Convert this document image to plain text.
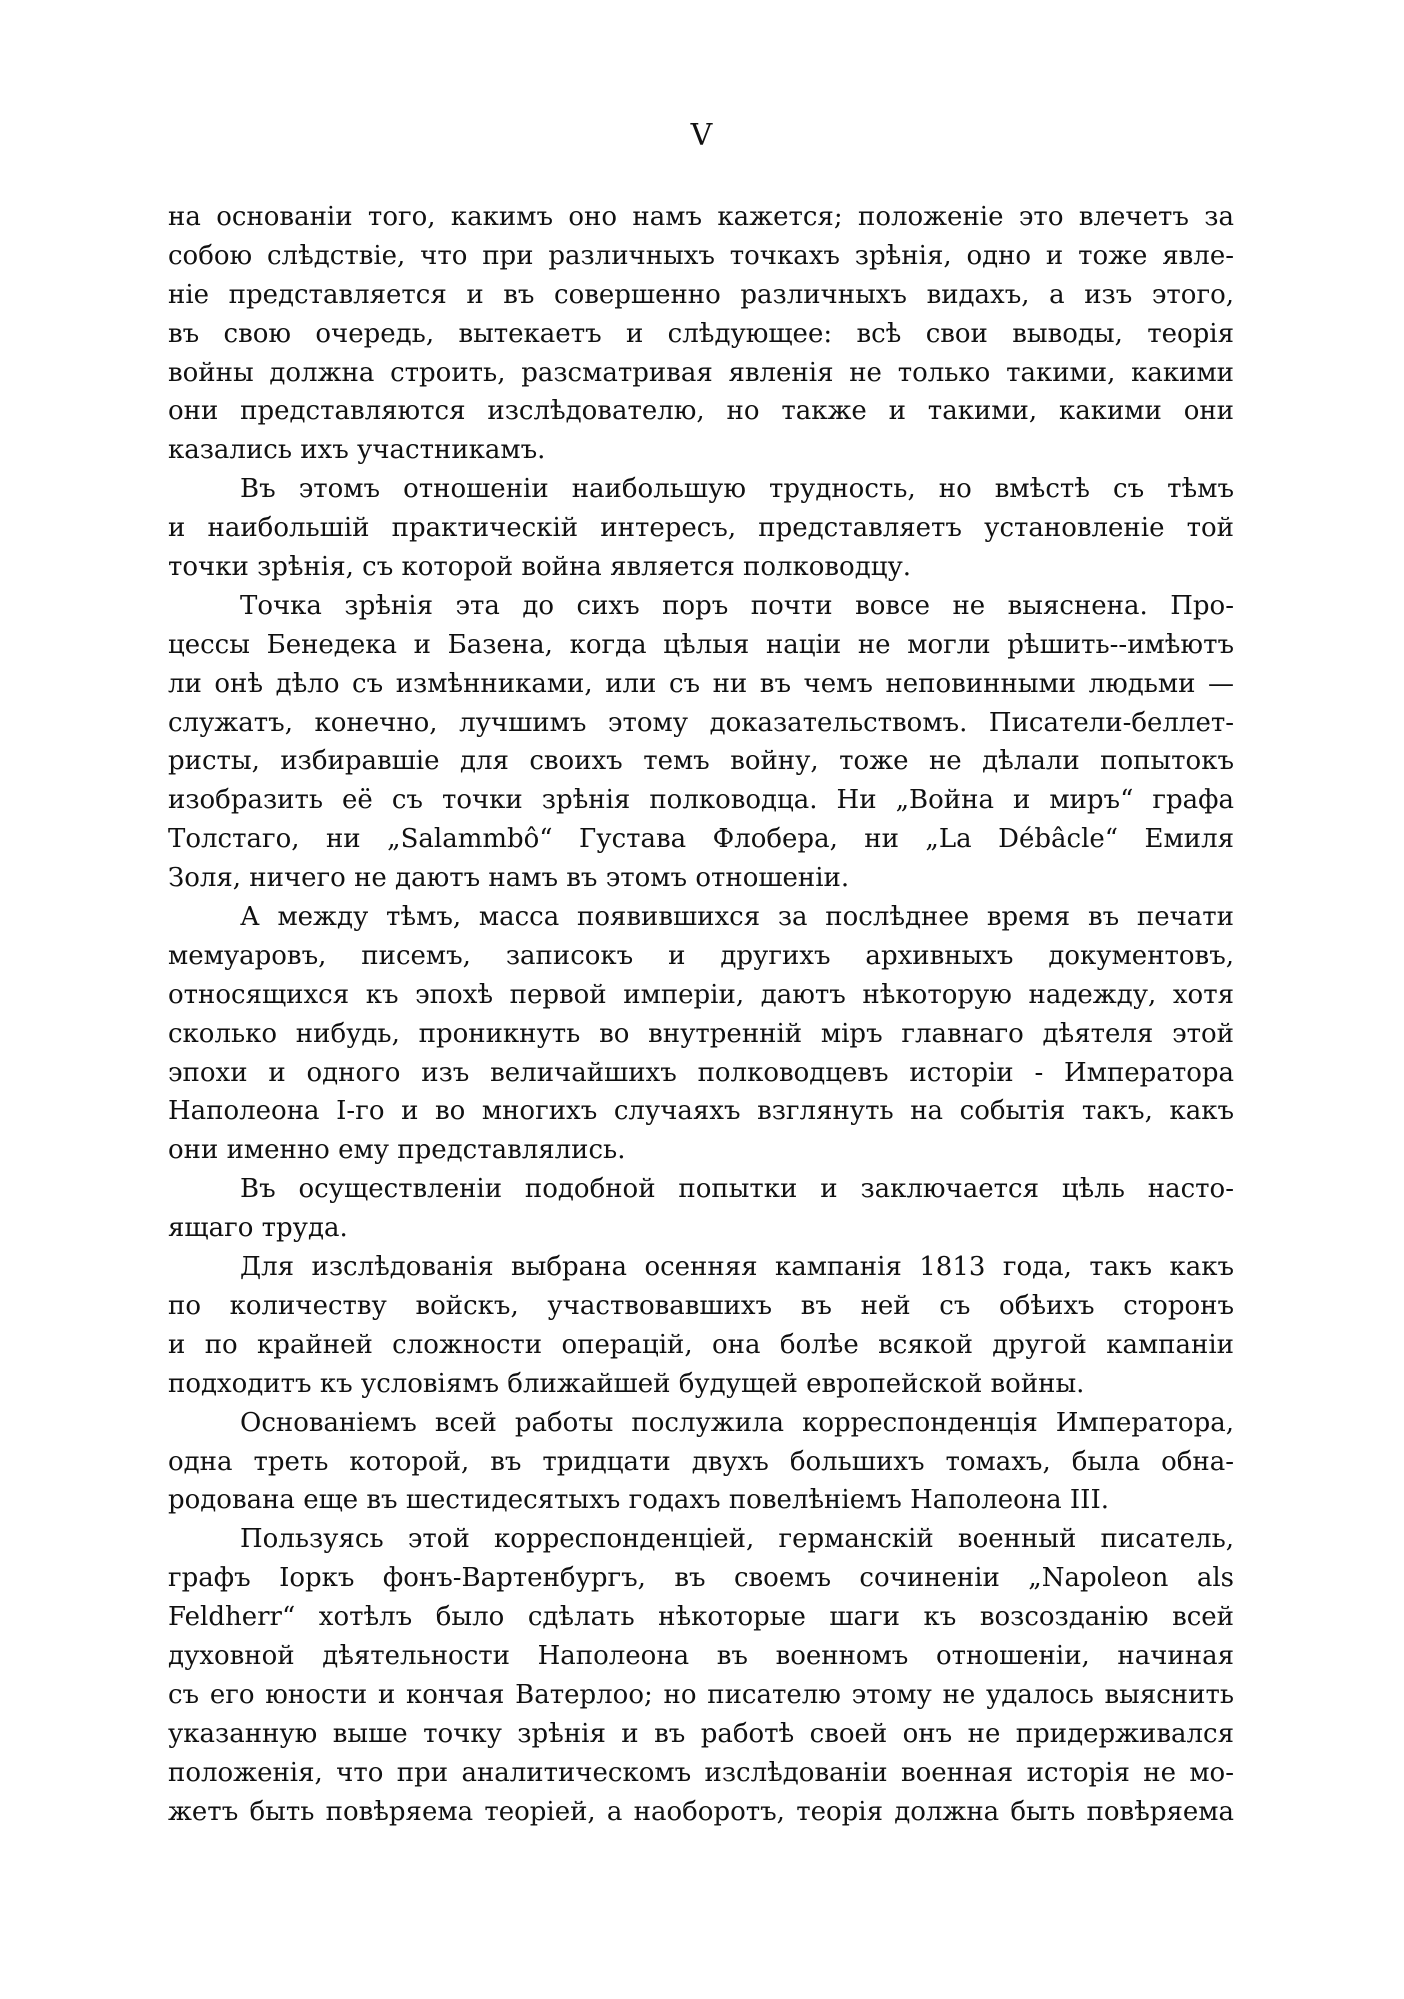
V
на основаніи того, какимъ оно намъ кажется; положеніе это влечетъ за
собою слѣдствіе, что при различныхъ точкахъ зрѣнія, одно и тоже явле-
ніе представляется и въ совершенно различныхъ видахъ, а изъ этого,
въ свою очередь, вытекаетъ и слѣдующее: всѣ свои выводы, теорія
войны должна строить, разсматривая явленія не только такими, какими
они представляются изслѣдователю, но также и такими, какими они
казались ихъ участникамъ.
Въ этомъ отношеніи наибольшую трудность, но вмѣстѣ съ тѣмъ
и наибольшій практическій интересъ, представляетъ установленіе той
точки зрѣнія, съ которой война является полководцу.
Точка зрѣнія эта до сихъ поръ почти вовсе не выяснена. Про-
цессы Бенедека и Базена, когда цѣлыя націи не могли рѣшить--имѣютъ
ли онѣ дѣло съ измѣнниками, или съ ни въ чемъ неповинными людьми —
служатъ, конечно, лучшимъ этому доказательствомъ. Писатели-беллет-
ристы, избиравшіе для своихъ темъ войну, тоже не дѣлали попытокъ
изобразить её съ точки зрѣнія полководца. Ни „Война и миръ“ графа
Толстаго, ни „Salammbô“ Густава Флобера, ни „La Débâcle“ Емиля
Золя, ничего не даютъ намъ въ этомъ отношеніи.
А между тѣмъ, масса появившихся за послѣднее время въ печати
мемуаровъ, писемъ, записокъ и другихъ архивныхъ документовъ,
относящихся къ эпохѣ первой имперіи, даютъ нѣкоторую надежду, хотя
сколько нибудь, проникнуть во внутренній міръ главнаго дѣятеля этой
эпохи и одного изъ величайшихъ полководцевъ исторіи - Императора
Наполеона I-го и во многихъ случаяхъ взглянуть на событія такъ, какъ
они именно ему представлялись.
Въ осуществленіи подобной попытки и заключается цѣль насто-
ящаго труда.
Для изслѣдованія выбрана осенняя кампанія 1813 года, такъ какъ
по количеству войскъ, участвовавшихъ въ ней съ обѣихъ сторонъ
и по крайней сложности операцій, она болѣе всякой другой кампаніи
подходитъ къ условіямъ ближайшей будущей европейской войны.
Основаніемъ всей работы послужила корреспонденція Императора,
одна треть которой, въ тридцати двухъ большихъ томахъ, была обна-
родована еще въ шестидесятыхъ годахъ повелѣніемъ Наполеона III.
Пользуясь этой корреспонденціей, германскій военный писатель,
графъ Іоркъ фонъ-Вартенбургъ, въ своемъ сочиненіи „Napoleon als
Feldherr“ хотѣлъ было сдѣлать нѣкоторые шаги къ возсозданію всей
духовной дѣятельности Наполеона въ военномъ отношеніи, начиная
съ его юности и кончая Ватерлоо; но писателю этому не удалось выяснить
указанную выше точку зрѣнія и въ работѣ своей онъ не придерживался
положенія, что при аналитическомъ изслѣдованіи военная исторія не мо-
жетъ быть повѣряема теоріей, а наоборотъ, теорія должна быть повѣряема
